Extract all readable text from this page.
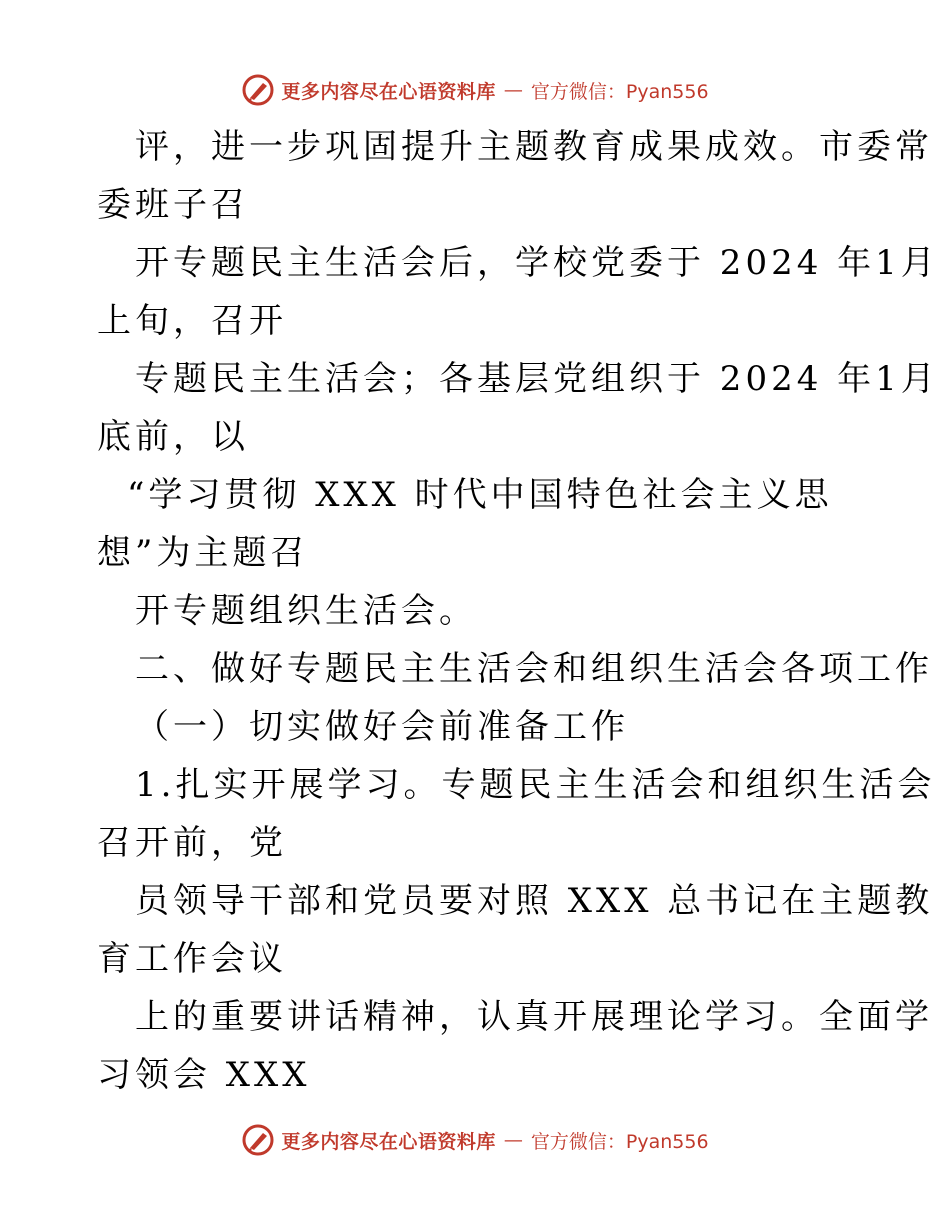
更多内容尽在心语资料库 — 官方微信：Pyan556
评，进一步巩固提升主题教育成果成效。市委常
委班子召
开专题民主生活会后，学校党委于 2024 年1月
上旬，召开
专题民主生活会；各基层党组织于 2024 年1月
底前，以
“学习贯彻 XXX 时代中国特色社会主义思
想”为主题召
开专题组织生活会。
二、做好专题民主生活会和组织生活会各项工作
（一）切实做好会前准备工作
1.扎实开展学习。专题民主生活会和组织生活会
召开前，党
员领导干部和党员要对照 XXX 总书记在主题教
育工作会议
上的重要讲话精神，认真开展理论学习。全面学
习领会 XXX
更多内容尽在心语资料库 — 官方微信：Pyan556
